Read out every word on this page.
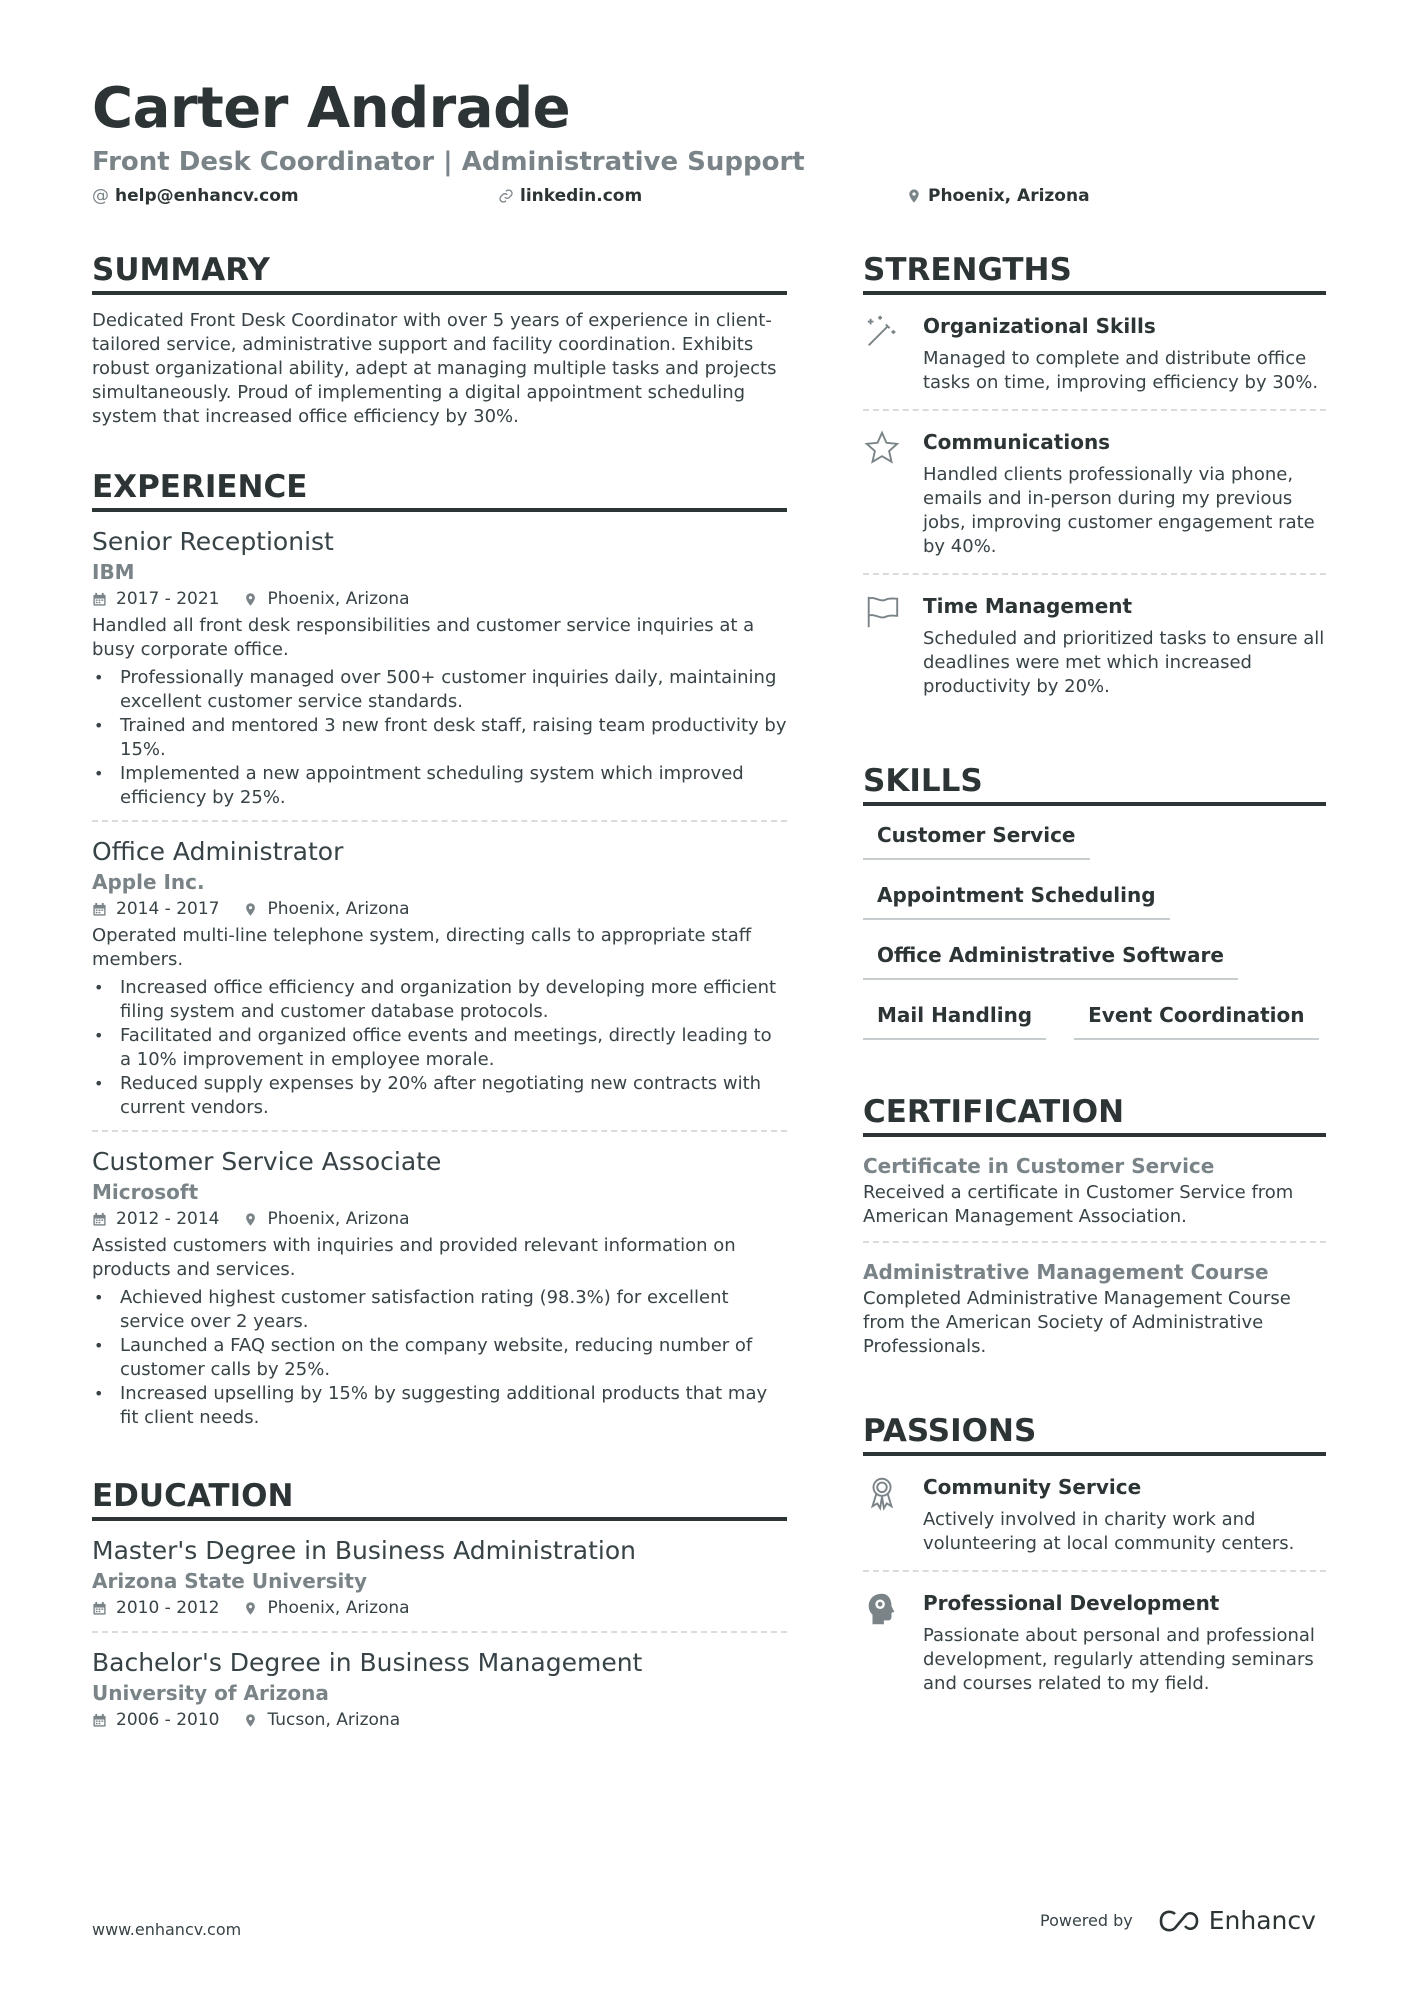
Carter Andrade
Front Desk Coordinator | Administrative Support
@ help@enhancv.com	linkedin.com	Phoenix, Arizona
SUMMARY
Dedicated Front Desk Coordinator with over 5 years of experience in client-tailored service, administrative support and facility coordination. Exhibits robust organizational ability, adept at managing multiple tasks and projects simultaneously. Proud of implementing a digital appointment scheduling system that increased office efficiency by 30%.
EXPERIENCE
Senior Receptionist
IBM
2017 - 2021	Phoenix, Arizona
Handled all front desk responsibilities and customer service inquiries at a busy corporate office.
• Professionally managed over 500+ customer inquiries daily, maintaining excellent customer service standards.
• Trained and mentored 3 new front desk staff, raising team productivity by 15%.
• Implemented a new appointment scheduling system which improved efficiency by 25%.
Office Administrator
Apple Inc.
2014 - 2017	Phoenix, Arizona
Operated multi-line telephone system, directing calls to appropriate staff members.
• Increased office efficiency and organization by developing more efficient filing system and customer database protocols.
• Facilitated and organized office events and meetings, directly leading to a 10% improvement in employee morale.
• Reduced supply expenses by 20% after negotiating new contracts with current vendors.
Customer Service Associate
Microsoft
2012 - 2014	Phoenix, Arizona
Assisted customers with inquiries and provided relevant information on products and services.
• Achieved highest customer satisfaction rating (98.3%) for excellent service over 2 years.
• Launched a FAQ section on the company website, reducing number of customer calls by 25%.
• Increased upselling by 15% by suggesting additional products that may fit client needs.
EDUCATION
Master's Degree in Business Administration
Arizona State University
2010 - 2012	Phoenix, Arizona
Bachelor's Degree in Business Management
University of Arizona
2006 - 2010	Tucson, Arizona
STRENGTHS
Organizational Skills
Managed to complete and distribute office tasks on time, improving efficiency by 30%.
Communications
Handled clients professionally via phone, emails and in-person during my previous jobs, improving customer engagement rate by 40%.
Time Management
Scheduled and prioritized tasks to ensure all deadlines were met which increased productivity by 20%.
SKILLS
Customer Service
Appointment Scheduling
Office Administrative Software
Mail Handling	Event Coordination
CERTIFICATION
Certificate in Customer Service
Received a certificate in Customer Service from American Management Association.
Administrative Management Course
Completed Administrative Management Course from the American Society of Administrative Professionals.
PASSIONS
Community Service
Actively involved in charity work and volunteering at local community centers.
Professional Development
Passionate about personal and professional development, regularly attending seminars and courses related to my field.
www.enhancv.com	Powered by	Enhancv
